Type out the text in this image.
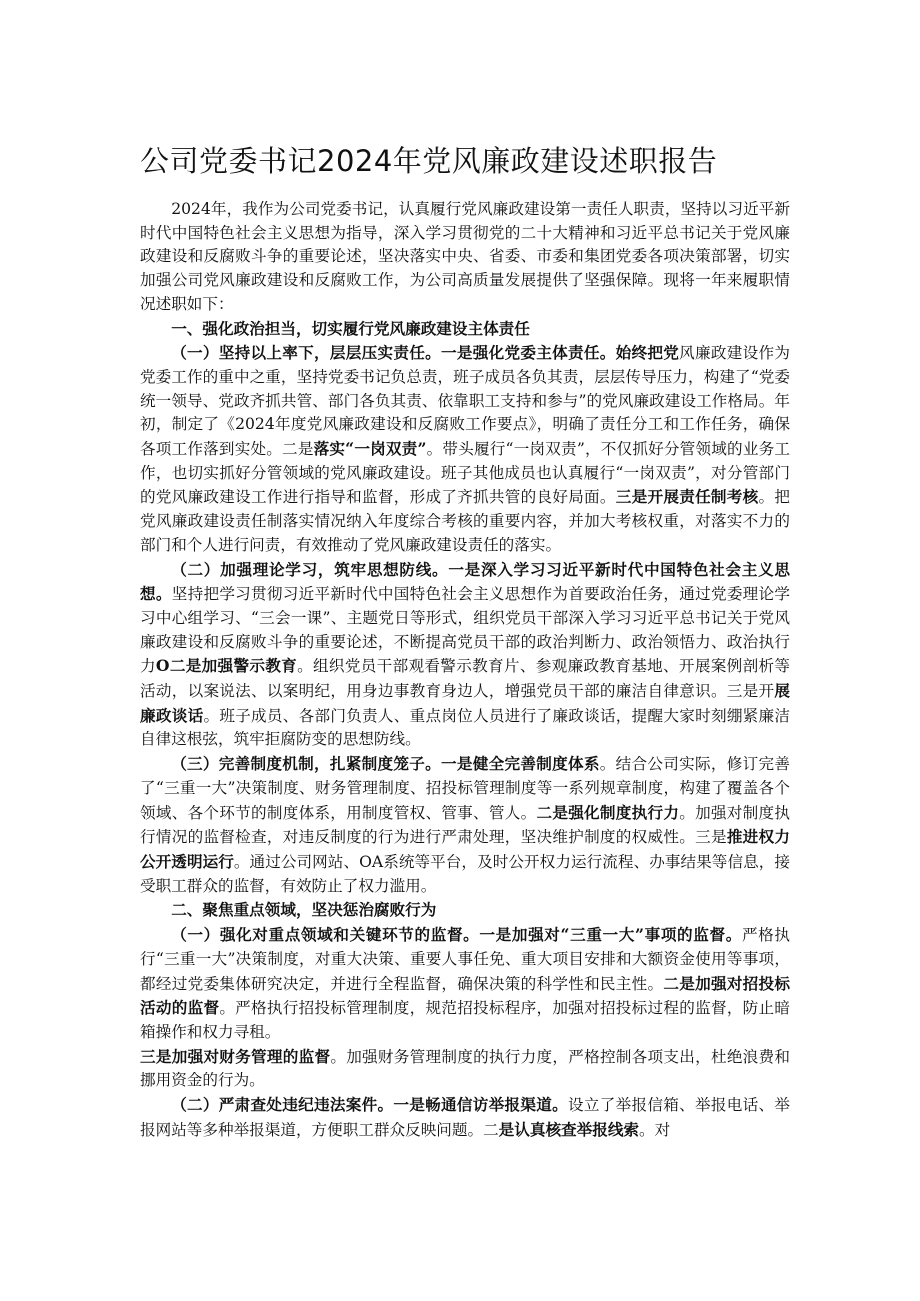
公司党委书记2024年党风廉政建设述职报告

2024年，我作为公司党委书记，认真履行党风廉政建设第一责任人职责，坚持以习近平新时代中国特色社会主义思想为指导，深入学习贯彻党的二十大精神和习近平总书记关于党风廉政建设和反腐败斗争的重要论述，坚决落实中央、省委、市委和集团党委各项决策部署，切实加强公司党风廉政建设和反腐败工作，为公司高质量发展提供了坚强保障。现将一年来履职情况述职如下：

一、强化政治担当，切实履行党风廉政建设主体责任

（一）坚持以上率下，层层压实责任。一是强化党委主体责任。始终把党风廉政建设作为党委工作的重中之重，坚持党委书记负总责，班子成员各负其责，层层传导压力，构建了“党委统一领导、党政齐抓共管、部门各负其责、依靠职工支持和参与”的党风廉政建设工作格局。年初，制定了《2024年度党风廉政建设和反腐败工作要点》，明确了责任分工和工作任务，确保各项工作落到实处。二是落实“一岗双责”。带头履行“一岗双责”，不仅抓好分管领域的业务工作，也切实抓好分管领域的党风廉政建设。班子其他成员也认真履行“一岗双责”，对分管部门的党风廉政建设工作进行指导和监督，形成了齐抓共管的良好局面。三是开展责任制考核。把党风廉政建设责任制落实情况纳入年度综合考核的重要内容，并加大考核权重，对落实不力的部门和个人进行问责，有效推动了党风廉政建设责任的落实。

（二）加强理论学习，筑牢思想防线。一是深入学习习近平新时代中国特色社会主义思想。坚持把学习贯彻习近平新时代中国特色社会主义思想作为首要政治任务，通过党委理论学习中心组学习、“三会一课”、主题党日等形式，组织党员干部深入学习习近平总书记关于党风廉政建设和反腐败斗争的重要论述，不断提高党员干部的政治判断力、政治领悟力、政治执行力O二是加强警示教育。组织党员干部观看警示教育片、参观廉政教育基地、开展案例剖析等活动，以案说法、以案明纪，用身边事教育身边人，增强党员干部的廉洁自律意识。三是开展廉政谈话。班子成员、各部门负责人、重点岗位人员进行了廉政谈话，提醒大家时刻绷紧廉洁自律这根弦，筑牢拒腐防变的思想防线。

（三）完善制度机制，扎紧制度笼子。一是健全完善制度体系。结合公司实际，修订完善了“三重一大”决策制度、财务管理制度、招投标管理制度等一系列规章制度，构建了覆盖各个领域、各个环节的制度体系，用制度管权、管事、管人。二是强化制度执行力。加强对制度执行情况的监督检查，对违反制度的行为进行严肃处理，坚决维护制度的权威性。三是推进权力公开透明运行。通过公司网站、OA系统等平台，及时公开权力运行流程、办事结果等信息，接受职工群众的监督，有效防止了权力滥用。

二、聚焦重点领域，坚决惩治腐败行为

（一）强化对重点领域和关键环节的监督。一是加强对“三重一大”事项的监督。严格执行“三重一大”决策制度，对重大决策、重要人事任免、重大项目安排和大额资金使用等事项，都经过党委集体研究决定，并进行全程监督，确保决策的科学性和民主性。二是加强对招投标活动的监督。严格执行招投标管理制度，规范招投标程序，加强对招投标过程的监督，防止暗箱操作和权力寻租。

三是加强对财务管理的监督。加强财务管理制度的执行力度，严格控制各项支出，杜绝浪费和挪用资金的行为。

（二）严肃查处违纪违法案件。一是畅通信访举报渠道。设立了举报信箱、举报电话、举报网站等多种举报渠道，方便职工群众反映问题。二是认真核查举报线索。对
